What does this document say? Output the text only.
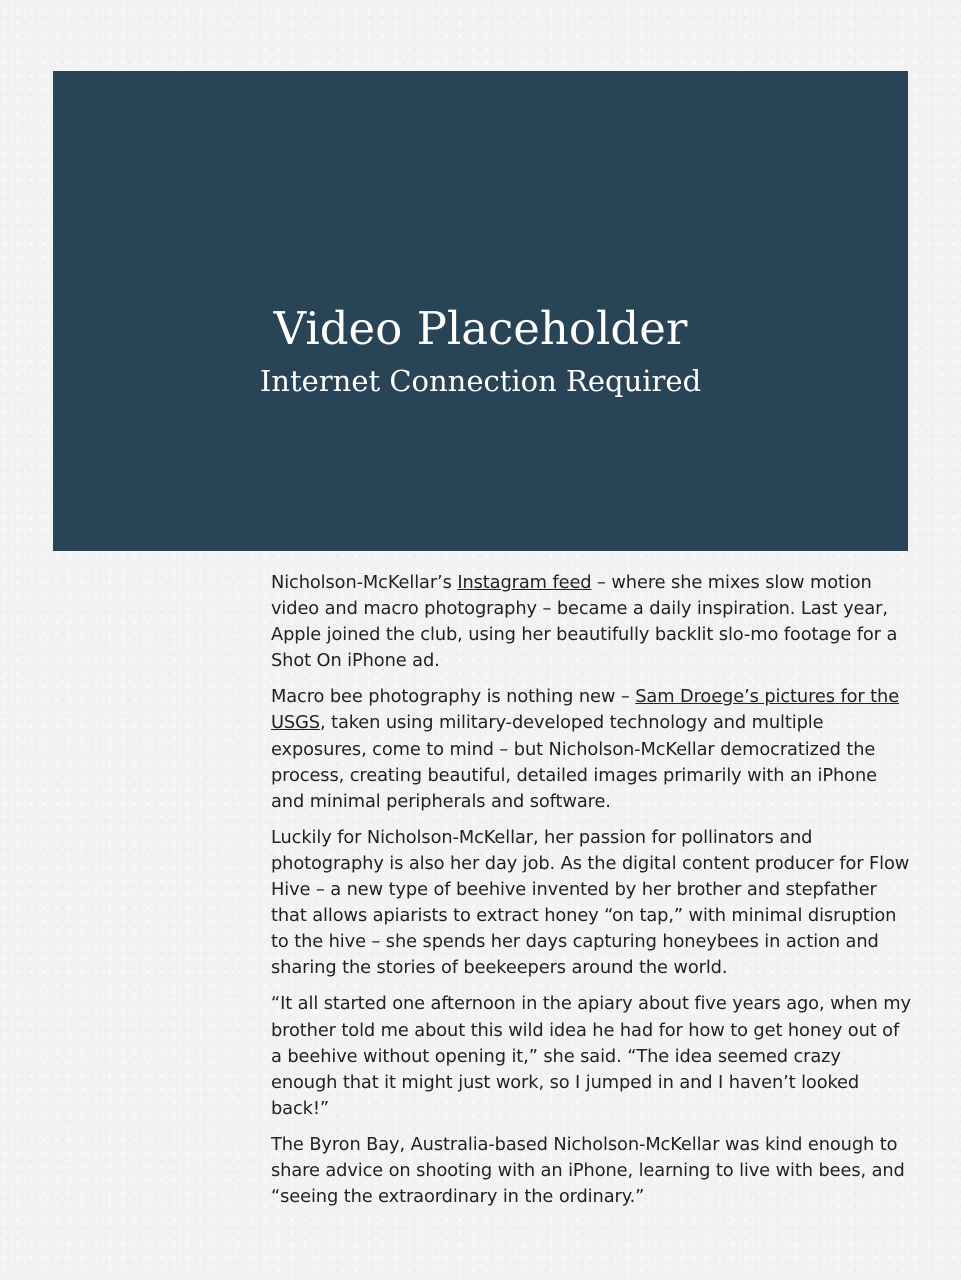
Video Placeholder
Internet Connection Required

Nicholson-McKellar’s Instagram feed – where she mixes slow motion video and macro photography – became a daily inspiration. Last year, Apple joined the club, using her beautifully backlit slo-mo footage for a Shot On iPhone ad.

Macro bee photography is nothing new – Sam Droege’s pictures for the USGS, taken using military-developed technology and multiple exposures, come to mind – but Nicholson-McKellar democratized the process, creating beautiful, detailed images primarily with an iPhone and minimal peripherals and software.

Luckily for Nicholson-McKellar, her passion for pollinators and photography is also her day job. As the digital content producer for Flow Hive – a new type of beehive invented by her brother and stepfather that allows apiarists to extract honey “on tap,” with minimal disruption to the hive – she spends her days capturing honeybees in action and sharing the stories of beekeepers around the world.

“It all started one afternoon in the apiary about five years ago, when my brother told me about this wild idea he had for how to get honey out of a beehive without opening it,” she said. “The idea seemed crazy enough that it might just work, so I jumped in and I haven’t looked back!”

The Byron Bay, Australia-based Nicholson-McKellar was kind enough to share advice on shooting with an iPhone, learning to live with bees, and “seeing the extraordinary in the ordinary.”
